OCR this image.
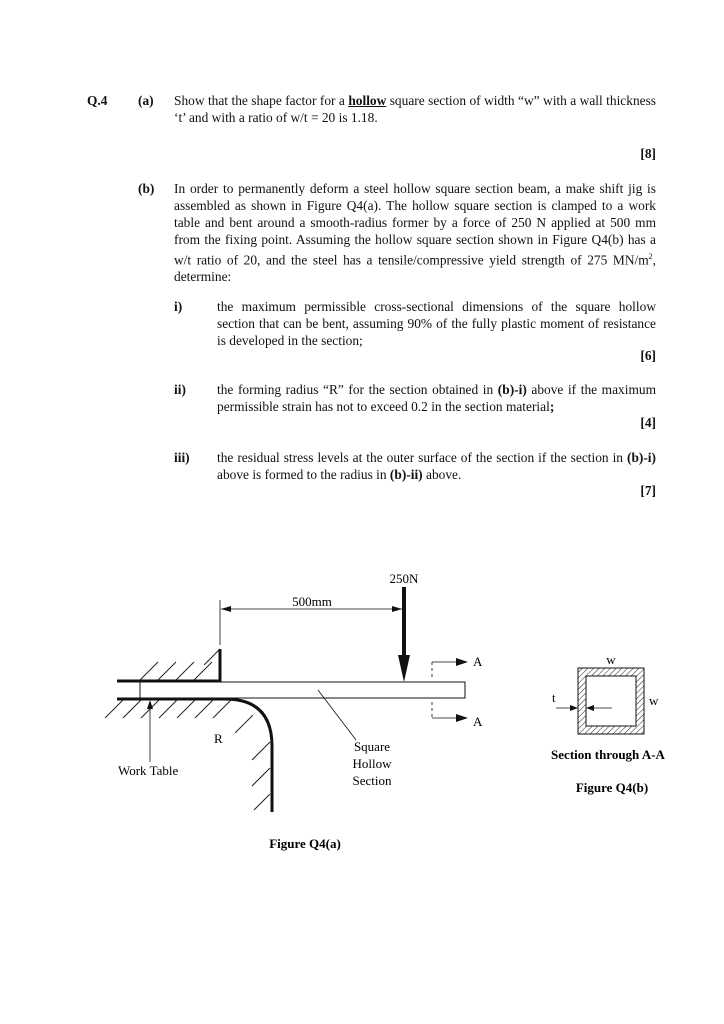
Q.4 (a) Show that the shape factor for a hollow square section of width “w” with a wall thickness ‘t’ and with a ratio of w/t = 20 is 1.18.
[8]
(b) In order to permanently deform a steel hollow square section beam, a make shift jig is assembled as shown in Figure Q4(a). The hollow square section is clamped to a work table and bent around a smooth-radius former by a force of 250 N applied at 500 mm from the fixing point. Assuming the hollow square section shown in Figure Q4(b) has a w/t ratio of 20, and the steel has a tensile/compressive yield strength of 275 $MN/m^2$, determine:
i)	the maximum permissible cross-sectional dimensions of the square hollow section that can be bent, assuming 90% of the fully plastic moment of resistance is developed in the section;
[6]
ii) the forming radius “R” for the section obtained in (b)-i) above if the maximum permissible strain has not to exceed 0.2 in the section material;
[4]
iii) the residual stress levels at the outer surface of the section if the section in (b)-i) above is formed to the radius in (b)-ii) above.
[7]
250N
500mm
A
A
R
Work Table
Square
Hollow
Section
Figure Q4(a)
w
w
t
Section through A-A
Figure Q4(b)
